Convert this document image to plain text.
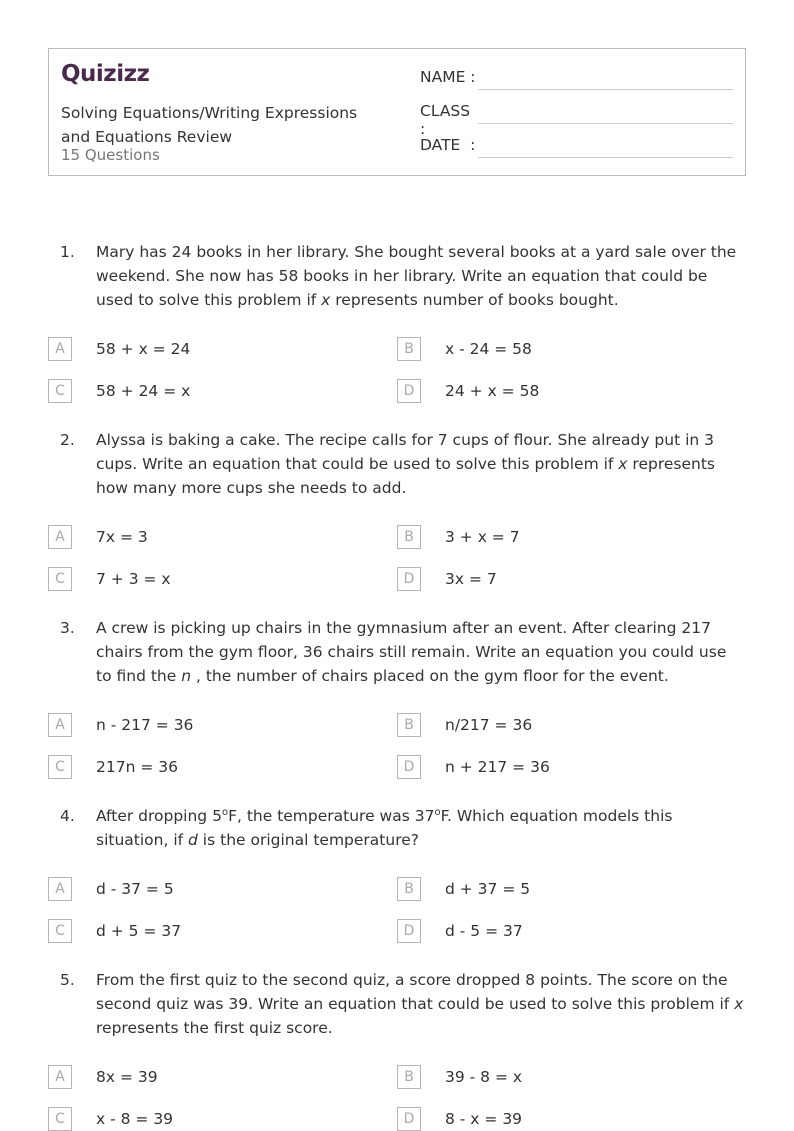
Quizizz
Solving Equations/Writing Expressions and Equations Review
15 Questions
NAME :
CLASS :
DATE  :
1. Mary has 24 books in her library. She bought several books at a yard sale over the weekend. She now has 58 books in her library. Write an equation that could be used to solve this problem if x represents number of books bought.
A	58 + x = 24	B	x - 24 = 58
C	58 + 24 = x	D	24 + x = 58
2. Alyssa is baking a cake. The recipe calls for 7 cups of flour. She already put in 3 cups. Write an equation that could be used to solve this problem if x represents how many more cups she needs to add.
A	7x = 3	B	3 + x = 7
C	7 + 3 = x	D	3x = 7
3. A crew is picking up chairs in the gymnasium after an event. After clearing 217 chairs from the gym floor, 36 chairs still remain. Write an equation you could use to find the n , the number of chairs placed on the gym floor for the event.
A	n - 217 = 36	B	n/217 = 36
C	217n = 36	D	n + 217 = 36
4. After dropping 5$^o$F, the temperature was 37$^o$F. Which equation models this situation, if d is the original temperature?
A	d - 37 = 5	B	d + 37 = 5
C	d + 5 = 37	D	d - 5 = 37
5. From the first quiz to the second quiz, a score dropped 8 points. The score on the second quiz was 39. Write an equation that could be used to solve this problem if x represents the first quiz score.
A	8x = 39	B	39 - 8 = x
C	x - 8 = 39	D	8 - x = 39
